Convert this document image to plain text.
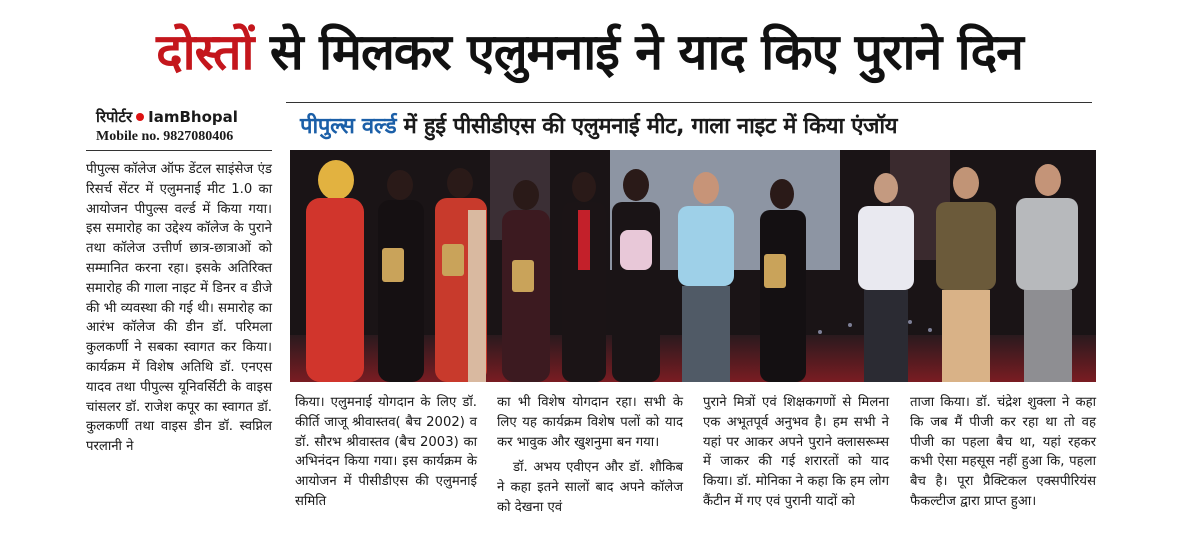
दोस्तों से मिलकर एलुमनाई ने याद किए पुराने दिन
रिपोर्टर IamBhopal
Mobile no. 9827080406	पीपुल्स वर्ल्ड में हुई पीसीडीएस की एलुमनाई मीट, गाला नाइट में किया एंजॉय

पीपुल्स कॉलेज ऑफ डेंटल साइंसेज एंड रिसर्च सेंटर में एलुमनाई मीट 1.0 का आयोजन पीपुल्स वर्ल्ड में किया गया। इस समारोह का उद्देश्य कॉलेज के पुराने तथा कॉलेज उत्तीर्ण छात्र-छात्राओं को सम्मानित करना रहा। इसके अतिरिक्त समारोह की गाला नाइट में डिनर व डीजे की भी व्यवस्था की गई थी। समारोह का आरंभ कॉलेज की डीन डॉ. परिमला कुलकर्णी ने सबका स्वागत कर किया। कार्यक्रम में विशेष अतिथि डॉ. एनएस यादव तथा पीपुल्स यूनिवर्सिटी के वाइस चांसलर डॉ. राजेश कपूर का स्वागत डॉ. कुलकर्णी तथा वाइस डीन डॉ. स्वप्निल परलानी ने

किया। एलुमनाई योगदान के लिए डॉ. कीर्ति जाजू श्रीवास्तव( बैच 2002) व डॉ. सौरभ श्रीवास्तव (बैच 2003) का अभिनंदन किया गया। इस कार्यक्रम के आयोजन में पीसीडीएस की एलुमनाई समिति

का भी विशेष योगदान रहा। सभी के लिए यह कार्यक्रम विशेष पलों को याद कर भावुक और खुशनुमा बन गया।

डॉ. अभय एवीएन और डॉ. शौकिब ने कहा इतने सालों बाद अपने कॉलेज को देखना एवं

पुराने मित्रों एवं शिक्षकगणों से मिलना एक अभूतपूर्व अनुभव है। हम सभी ने यहां पर आकर अपने पुराने क्लासरूम्स में जाकर की गई शरारतों को याद किया। डॉ. मोनिका ने कहा कि हम लोग कैंटीन में गए एवं पुरानी यादों को

ताजा किया। डॉ. चंद्रेश शुक्ला ने कहा कि जब मैं पीजी कर रहा था तो वह पीजी का पहला बैच था, यहां रहकर कभी ऐसा महसूस नहीं हुआ कि, पहला बैच है। पूरा प्रैक्टिकल एक्सपीरियंस फैकल्टीज द्वारा प्राप्त हुआ।
